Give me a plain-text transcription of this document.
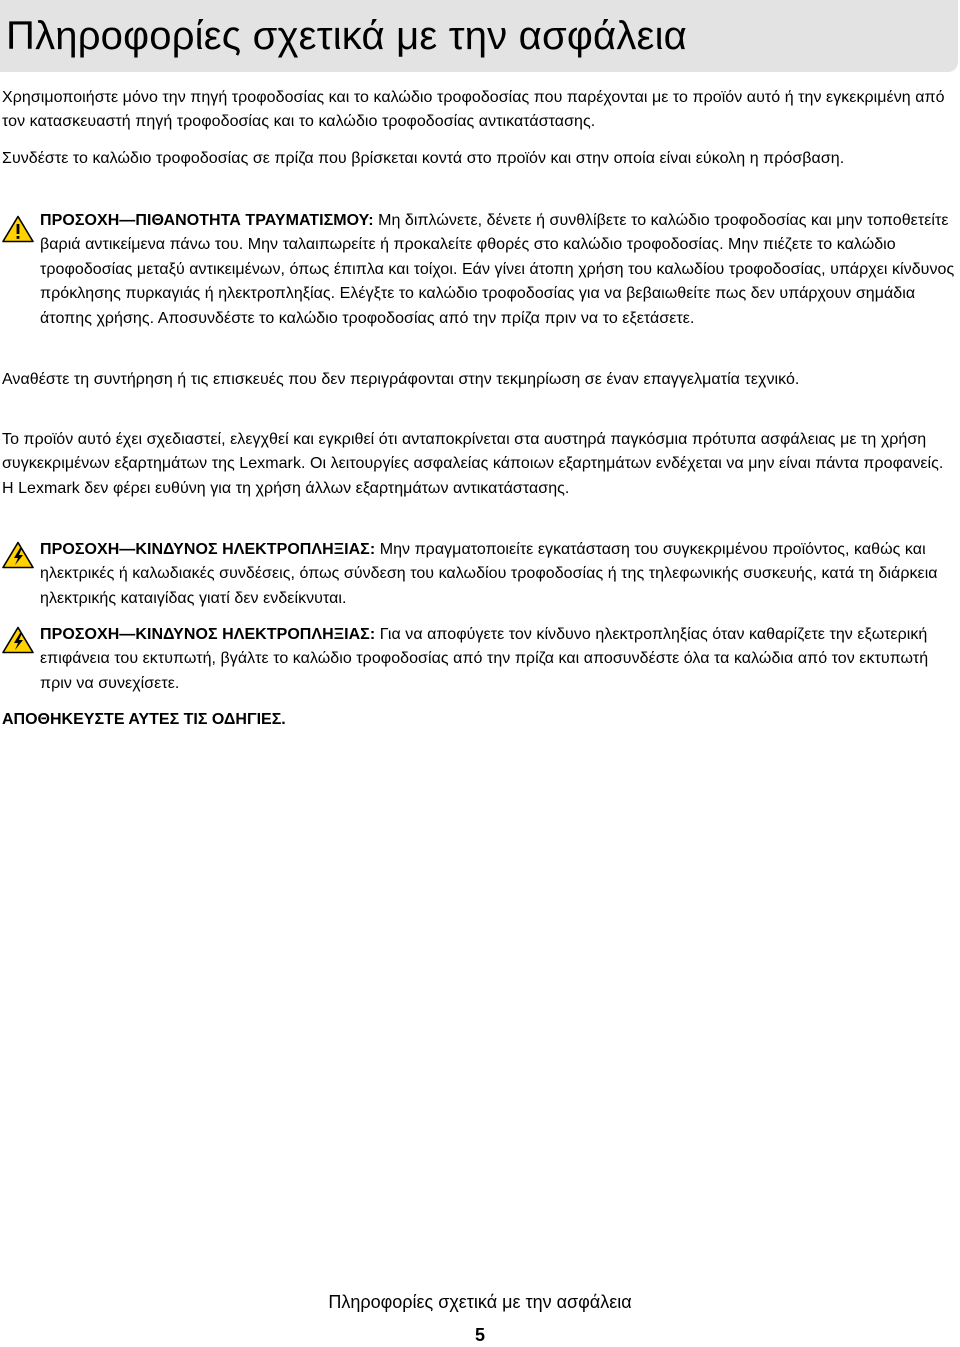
Πληροφορίες σχετικά με την ασφάλεια

Χρησιμοποιήστε μόνο την πηγή τροφοδοσίας και το καλώδιο τροφοδοσίας που παρέχονται με το προϊόν αυτό ή την εγκεκριμένη από τον κατασκευαστή πηγή τροφοδοσίας και το καλώδιο τροφοδοσίας αντικατάστασης.

Συνδέστε το καλώδιο τροφοδοσίας σε πρίζα που βρίσκεται κοντά στο προϊόν και στην οποία είναι εύκολη η πρόσβαση.

ΠΡΟΣΟΧΗ—ΠΙΘΑΝΟΤΗΤΑ ΤΡΑΥΜΑΤΙΣΜΟΥ: Μη διπλώνετε, δένετε ή συνθλίβετε το καλώδιο τροφοδοσίας και μην τοποθετείτε βαριά αντικείμενα πάνω του. Μην ταλαιπωρείτε ή προκαλείτε φθορές στο καλώδιο τροφοδοσίας. Μην πιέζετε το καλώδιο τροφοδοσίας μεταξύ αντικειμένων, όπως έπιπλα και τοίχοι. Εάν γίνει άτοπη χρήση του καλωδίου τροφοδοσίας, υπάρχει κίνδυνος πρόκλησης πυρκαγιάς ή ηλεκτροπληξίας. Ελέγξτε το καλώδιο τροφοδοσίας για να βεβαιωθείτε πως δεν υπάρχουν σημάδια άτοπης χρήσης. Αποσυνδέστε το καλώδιο τροφοδοσίας από την πρίζα πριν να το εξετάσετε.

Αναθέστε τη συντήρηση ή τις επισκευές που δεν περιγράφονται στην τεκμηρίωση σε έναν επαγγελματία τεχνικό.

Το προϊόν αυτό έχει σχεδιαστεί, ελεγχθεί και εγκριθεί ότι ανταποκρίνεται στα αυστηρά παγκόσμια πρότυπα ασφάλειας με τη χρήση συγκεκριμένων εξαρτημάτων της Lexmark. Οι λειτουργίες ασφαλείας κάποιων εξαρτημάτων ενδέχεται να μην είναι πάντα προφανείς. Η Lexmark δεν φέρει ευθύνη για τη χρήση άλλων εξαρτημάτων αντικατάστασης.

ΠΡΟΣΟΧΗ—ΚΙΝΔΥΝΟΣ ΗΛΕΚΤΡΟΠΛΗΞΙΑΣ: Μην πραγματοποιείτε εγκατάσταση του συγκεκριμένου προϊόντος, καθώς και ηλεκτρικές ή καλωδιακές συνδέσεις, όπως σύνδεση του καλωδίου τροφοδοσίας ή της τηλεφωνικής συσκευής, κατά τη διάρκεια ηλεκτρικής καταιγίδας γιατί δεν ενδείκνυται.

ΠΡΟΣΟΧΗ—ΚΙΝΔΥΝΟΣ ΗΛΕΚΤΡΟΠΛΗΞΙΑΣ: Για να αποφύγετε τον κίνδυνο ηλεκτροπληξίας όταν καθαρίζετε την εξωτερική επιφάνεια του εκτυπωτή, βγάλτε το καλώδιο τροφοδοσίας από την πρίζα και αποσυνδέστε όλα τα καλώδια από τον εκτυπωτή πριν να συνεχίσετε.

ΑΠΟΘΗΚΕΥΣΤΕ ΑΥΤΕΣ ΤΙΣ ΟΔΗΓΙΕΣ.

Πληροφορίες σχετικά με την ασφάλεια
5
